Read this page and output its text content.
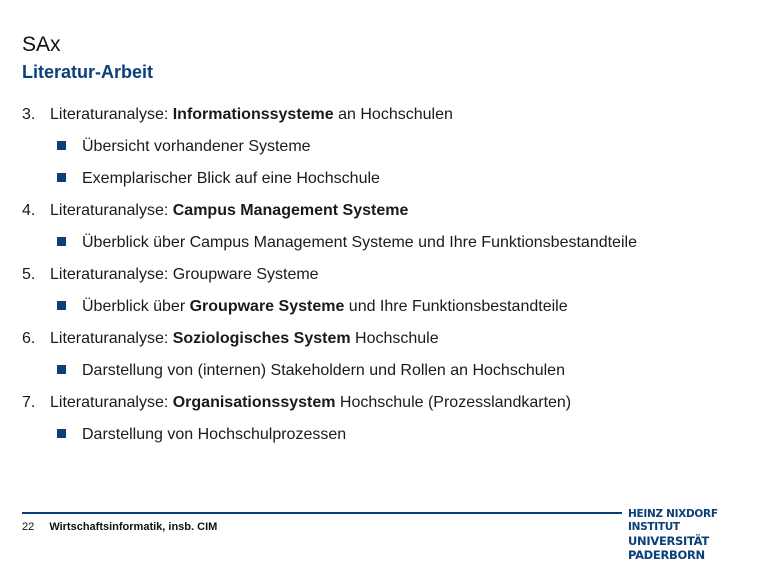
SAx
Literatur-Arbeit
3. Literaturanalyse: Informationssysteme an Hochschulen
Übersicht vorhandener Systeme
Exemplarischer Blick auf eine Hochschule
4. Literaturanalyse: Campus Management Systeme
Überblick über Campus Management Systeme und Ihre Funktionsbestandteile
5. Literaturanalyse: Groupware Systeme
Überblick über Groupware Systeme und Ihre Funktionsbestandteile
6. Literaturanalyse: Soziologisches System Hochschule
Darstellung von (internen) Stakeholdern und Rollen an Hochschulen
7. Literaturanalyse: Organisationssystem Hochschule (Prozesslandkarten)
Darstellung von Hochschulprozessen
22 Wirtschaftsinformatik, insb. CIM
HEINZ NIXDORF INSTITUT
UNIVERSITÄT PADERBORN
